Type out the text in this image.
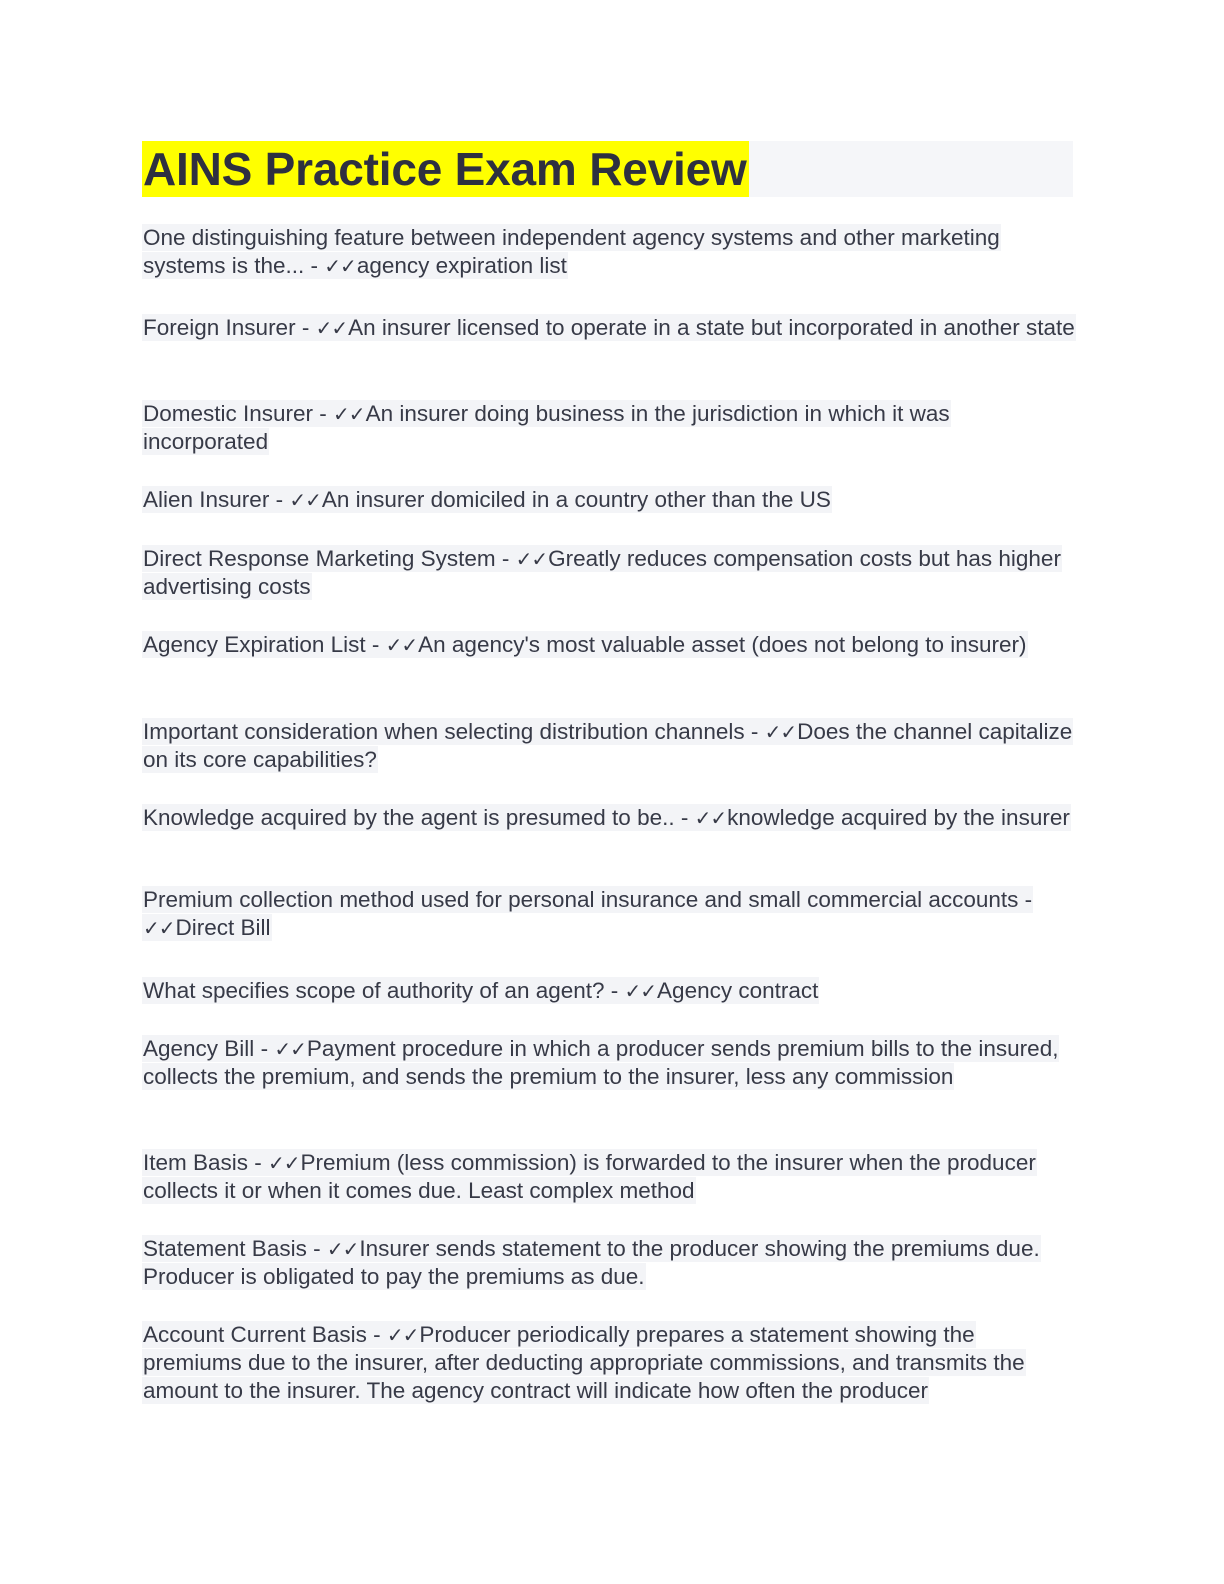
AINS Practice Exam Review

One distinguishing feature between independent agency systems and other marketing systems is the... - ✓✓agency expiration list

Foreign Insurer - ✓✓An insurer licensed to operate in a state but incorporated in another state

Domestic Insurer - ✓✓An insurer doing business in the jurisdiction in which it was incorporated

Alien Insurer - ✓✓An insurer domiciled in a country other than the US

Direct Response Marketing System - ✓✓Greatly reduces compensation costs but has higher advertising costs

Agency Expiration List - ✓✓An agency's most valuable asset (does not belong to insurer)

Important consideration when selecting distribution channels - ✓✓Does the channel capitalize on its core capabilities?

Knowledge acquired by the agent is presumed to be.. - ✓✓knowledge acquired by the insurer

Premium collection method used for personal insurance and small commercial accounts - ✓✓Direct Bill

What specifies scope of authority of an agent? - ✓✓Agency contract

Agency Bill - ✓✓Payment procedure in which a producer sends premium bills to the insured, collects the premium, and sends the premium to the insurer, less any commission

Item Basis - ✓✓Premium (less commission) is forwarded to the insurer when the producer collects it or when it comes due. Least complex method

Statement Basis - ✓✓Insurer sends statement to the producer showing the premiums due. Producer is obligated to pay the premiums as due.

Account Current Basis - ✓✓Producer periodically prepares a statement showing the premiums due to the insurer, after deducting appropriate commissions, and transmits the amount to the insurer. The agency contract will indicate how often the producer
